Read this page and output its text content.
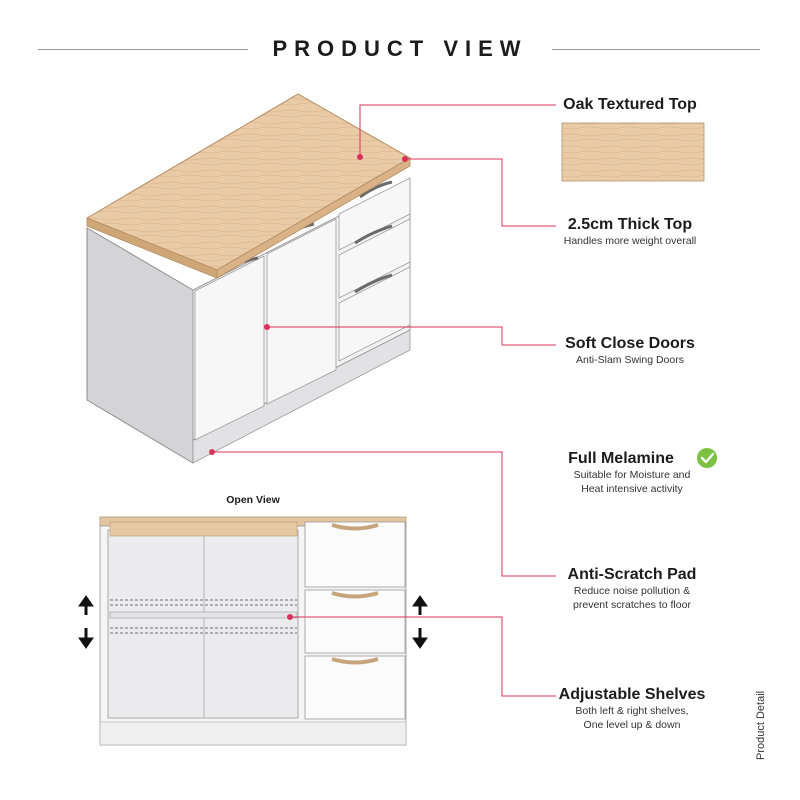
PRODUCT VIEW
Open View
Oak Textured Top
2.5cm Thick Top
Handles more weight overall
Soft Close Doors
Anti-Slam Swing Doors
Full Melamine
Suitable for Moisture and
Heat intensive activity
Anti-Scratch Pad
Reduce noise pollution &
prevent scratches to floor
Adjustable Shelves
Both left & right shelves,
One level up & down	Product Detail
